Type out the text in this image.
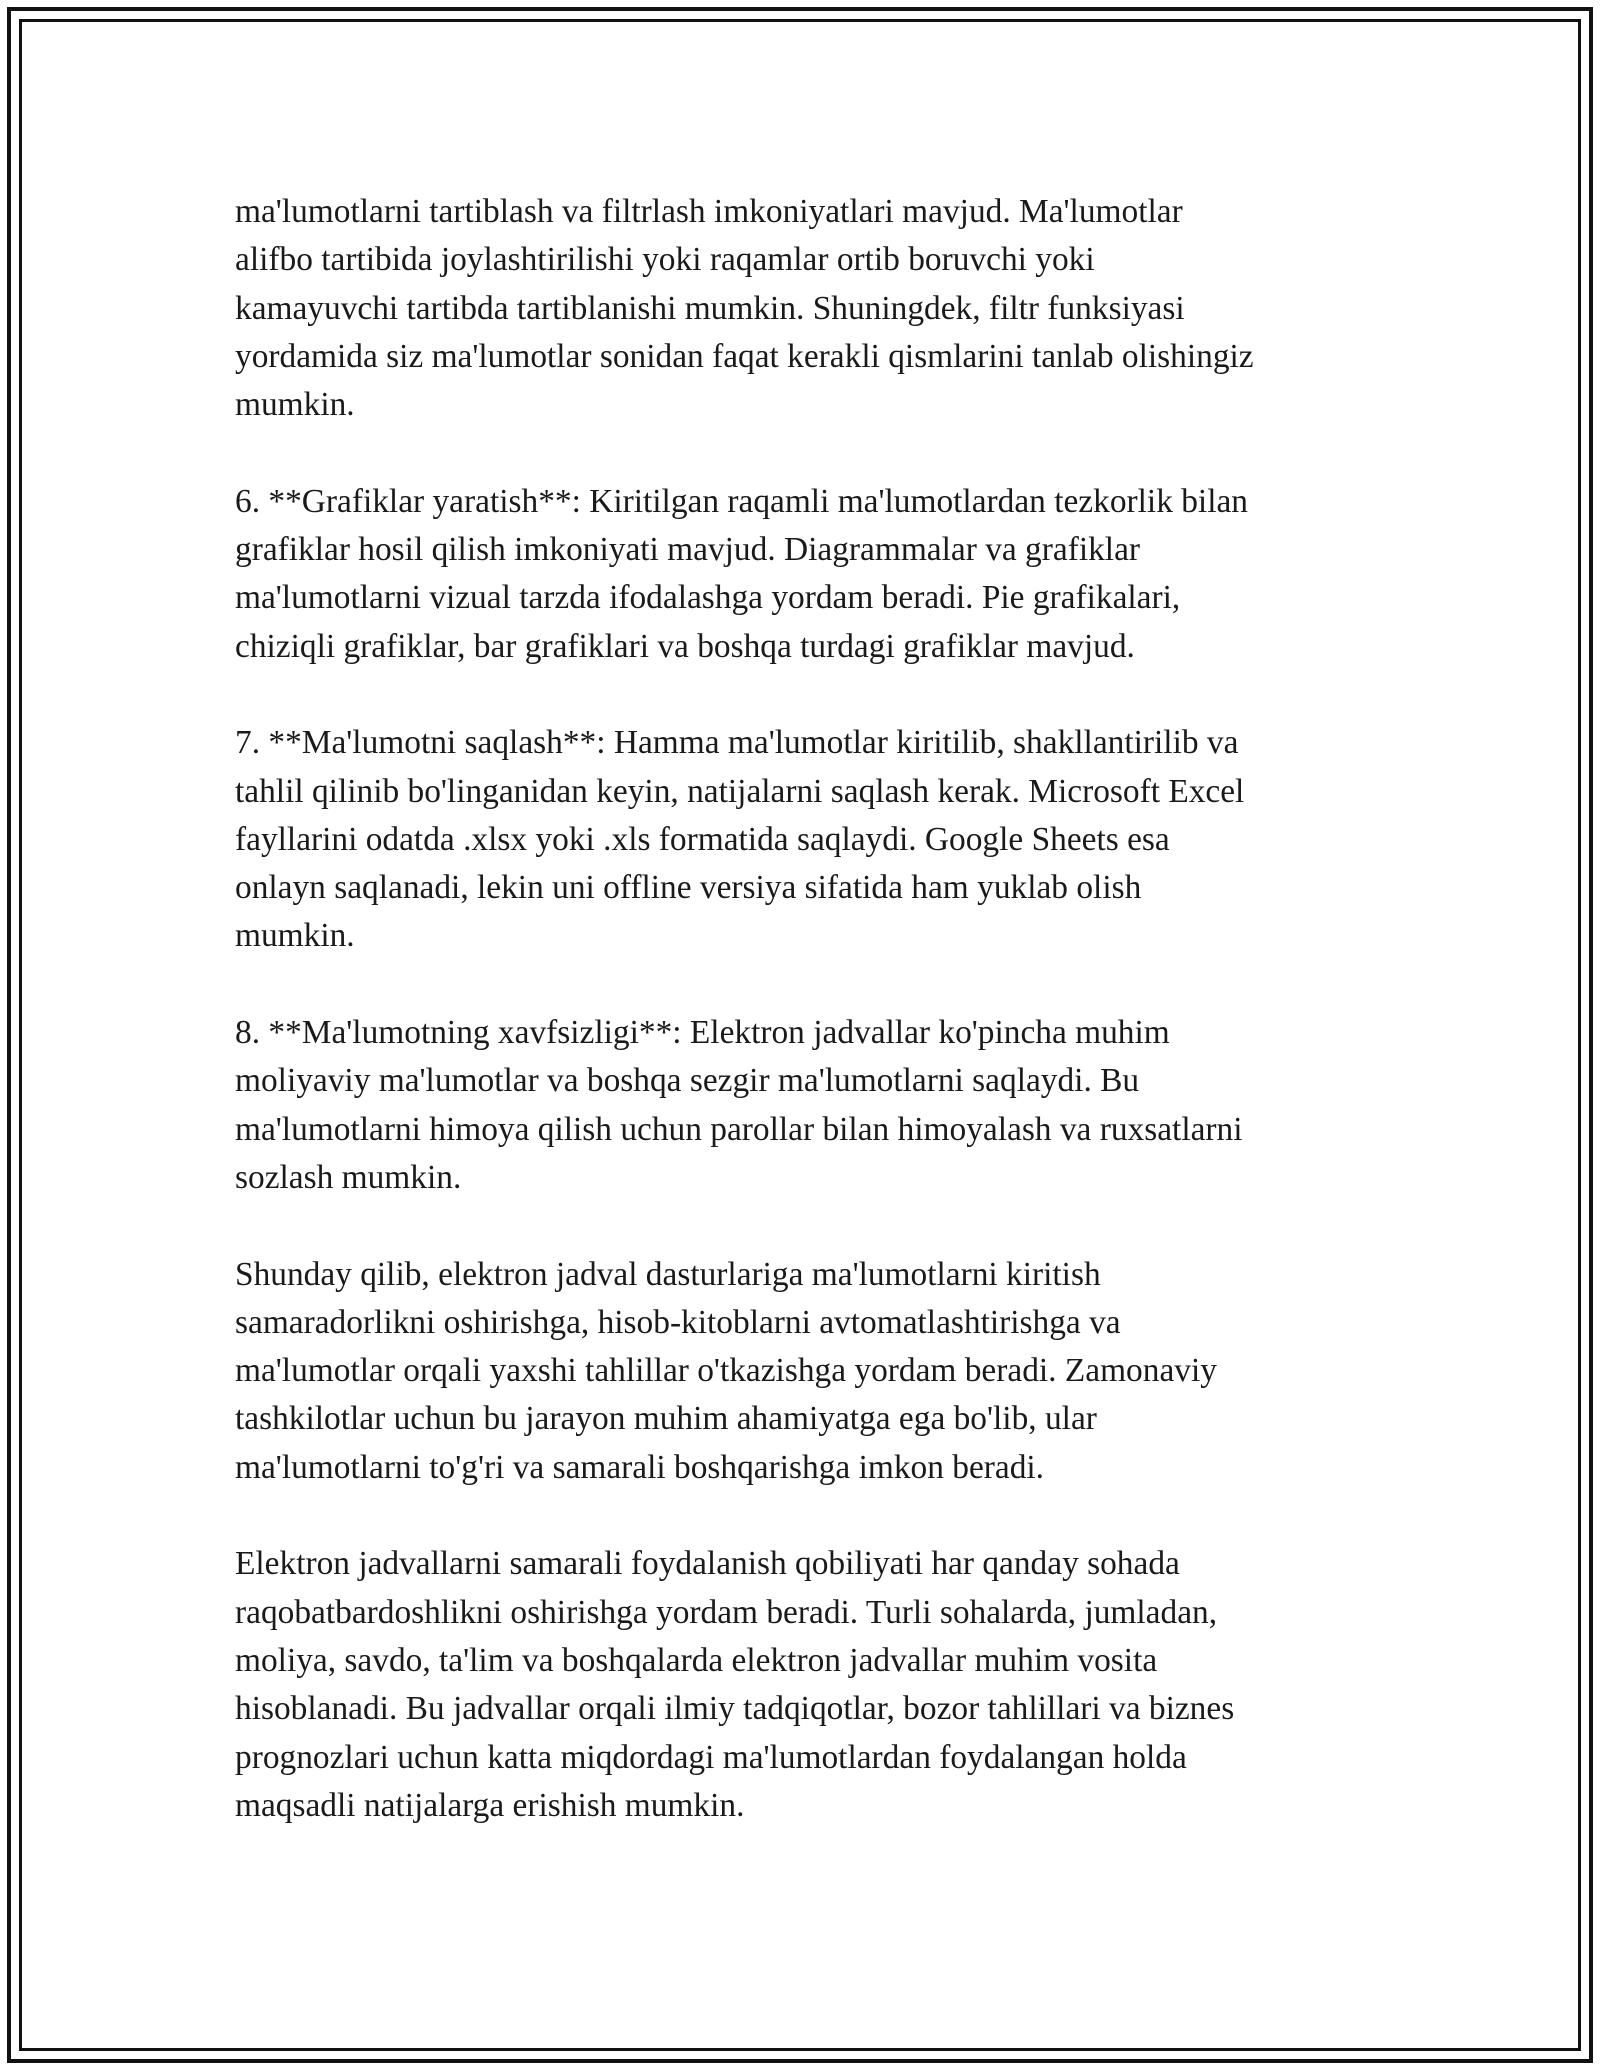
ma'lumotlarni tartiblash va filtrlash imkoniyatlari mavjud. Ma'lumotlar
alifbo tartibida joylashtirilishi yoki raqamlar ortib boruvchi yoki
kamayuvchi tartibda tartiblanishi mumkin. Shuningdek, filtr funksiyasi
yordamida siz ma'lumotlar sonidan faqat kerakli qismlarini tanlab olishingiz
mumkin.

6. **Grafiklar yaratish**: Kiritilgan raqamli ma'lumotlardan tezkorlik bilan
grafiklar hosil qilish imkoniyati mavjud. Diagrammalar va grafiklar
ma'lumotlarni vizual tarzda ifodalashga yordam beradi. Pie grafikalari,
chiziqli grafiklar, bar grafiklari va boshqa turdagi grafiklar mavjud.

7. **Ma'lumotni saqlash**: Hamma ma'lumotlar kiritilib, shakllantirilib va
tahlil qilinib bo'linganidan keyin, natijalarni saqlash kerak. Microsoft Excel
fayllarini odatda .xlsx yoki .xls formatida saqlaydi. Google Sheets esa
onlayn saqlanadi, lekin uni offline versiya sifatida ham yuklab olish
mumkin.

8. **Ma'lumotning xavfsizligi**: Elektron jadvallar ko'pincha muhim
moliyaviy ma'lumotlar va boshqa sezgir ma'lumotlarni saqlaydi. Bu
ma'lumotlarni himoya qilish uchun parollar bilan himoyalash va ruxsatlarni
sozlash mumkin.

Shunday qilib, elektron jadval dasturlariga ma'lumotlarni kiritish
samaradorlikni oshirishga, hisob-kitoblarni avtomatlashtirishga va
ma'lumotlar orqali yaxshi tahlillar o'tkazishga yordam beradi. Zamonaviy
tashkilotlar uchun bu jarayon muhim ahamiyatga ega bo'lib, ular
ma'lumotlarni to'g'ri va samarali boshqarishga imkon beradi.

Elektron jadvallarni samarali foydalanish qobiliyati har qanday sohada
raqobatbardoshlikni oshirishga yordam beradi. Turli sohalarda, jumladan,
moliya, savdo, ta'lim va boshqalarda elektron jadvallar muhim vosita
hisoblanadi. Bu jadvallar orqali ilmiy tadqiqotlar, bozor tahlillari va biznes
prognozlari uchun katta miqdordagi ma'lumotlardan foydalangan holda
maqsadli natijalarga erishish mumkin.
